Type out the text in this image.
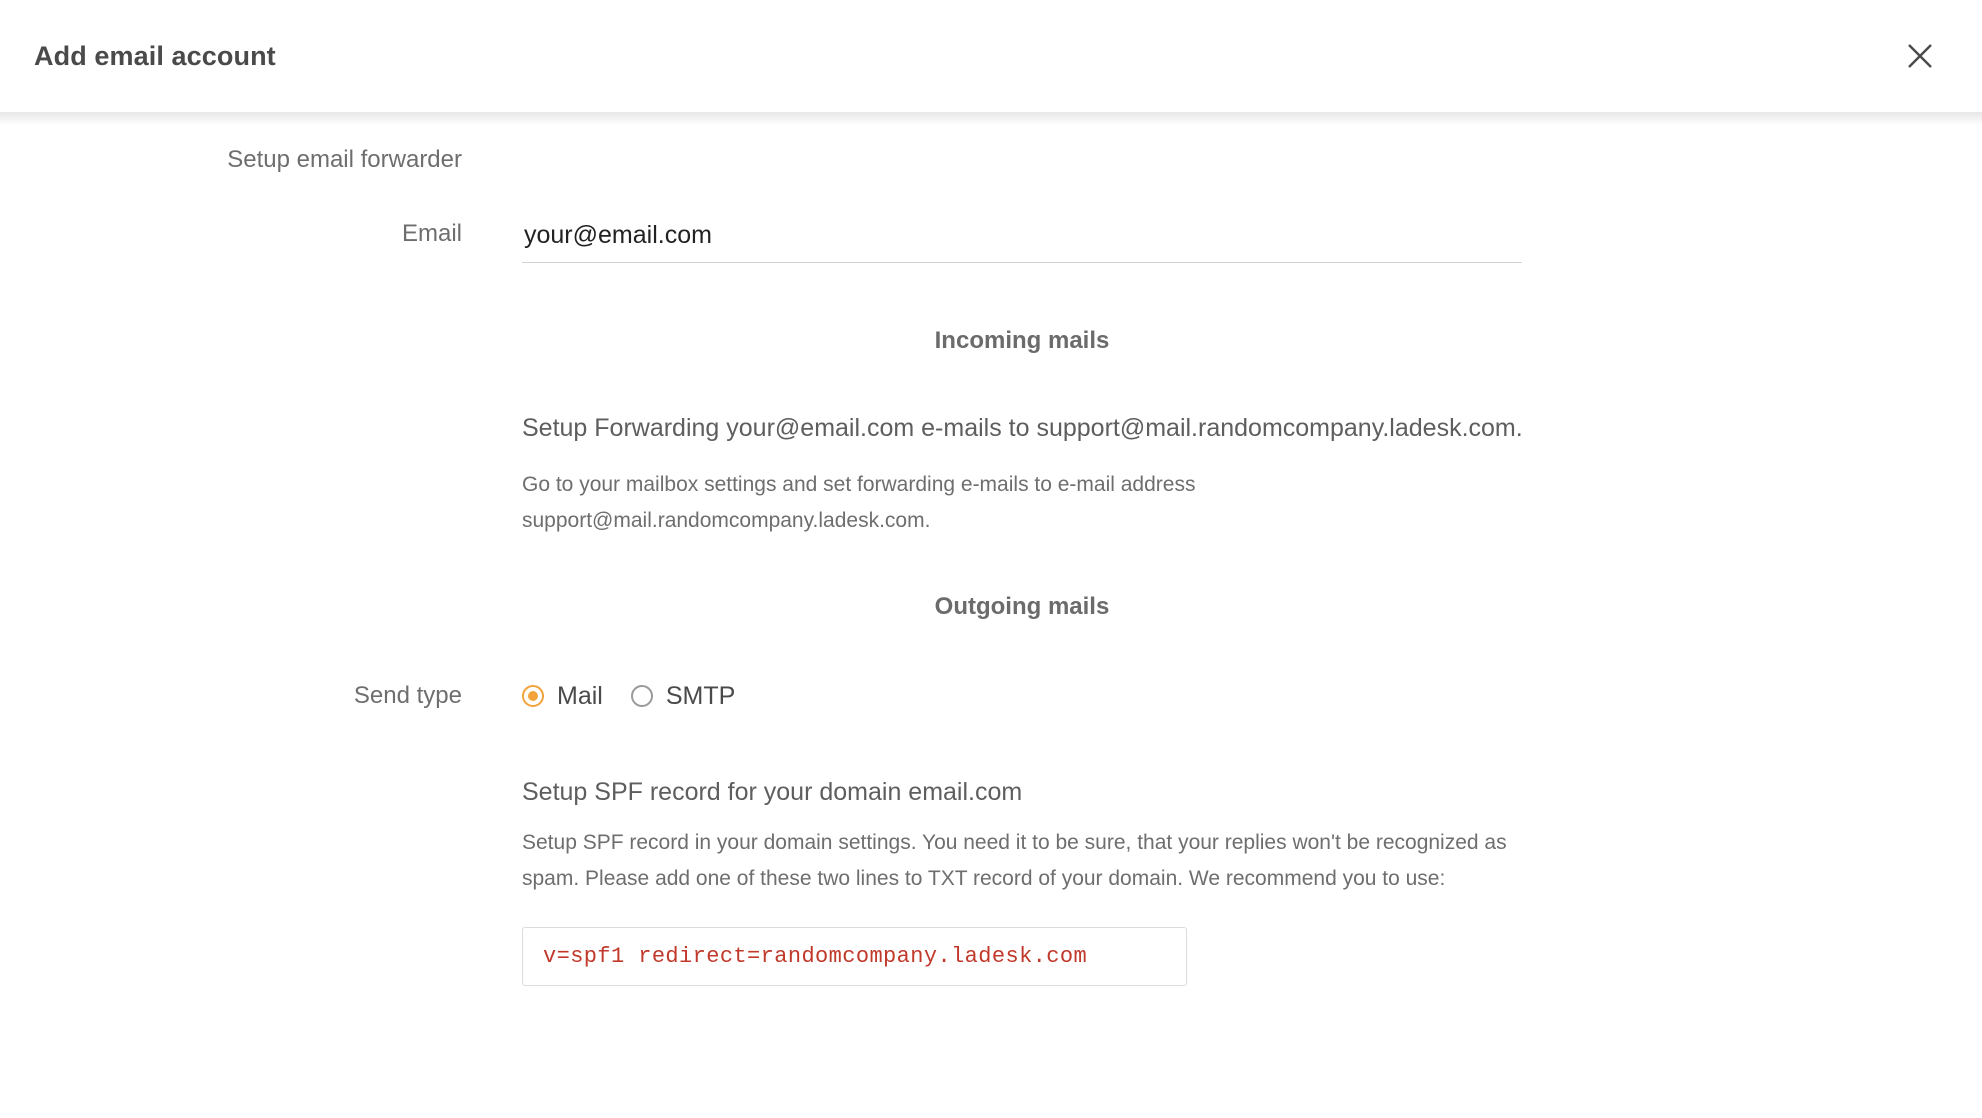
Add email account
Setup email forwarder
Email
your@email.com
Incoming mails
Setup Forwarding your@email.com e-mails to support@mail.randomcompany.ladesk.com.
Go to your mailbox settings and set forwarding e-mails to e-mail address support@mail.randomcompany.ladesk.com.
Outgoing mails
Send type	Mail	SMTP
Setup SPF record for your domain email.com
Setup SPF record in your domain settings. You need it to be sure, that your replies won't be recognized as spam. Please add one of these two lines to TXT record of your domain. We recommend you to use:
v=spf1 redirect=randomcompany.ladesk.com
